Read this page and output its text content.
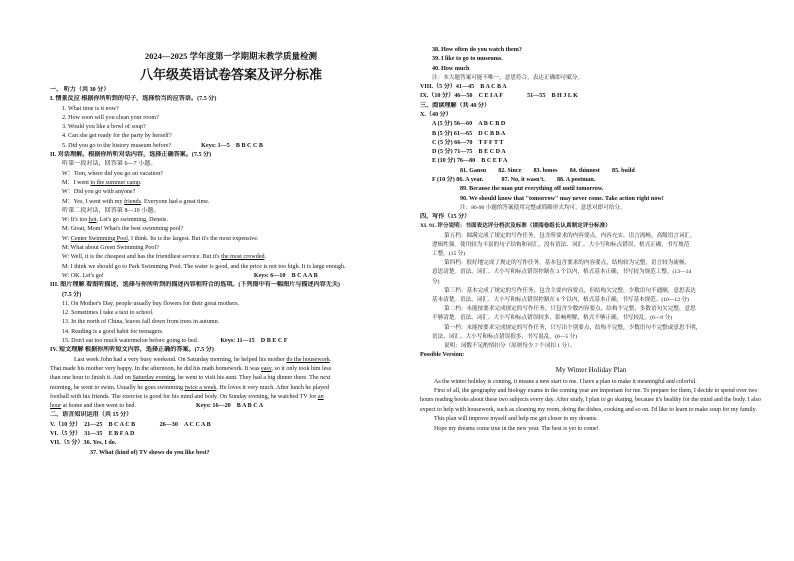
2024—2025 学年度第一学期期末教学质量检测
八年级英语试卷答案及评分标准
一、 听力（共 30 分）
I. 情景反应 根据你所听到的句子，选择恰当的应答语。(7.5 分)
1. What time is it now?
2. How soon will you clean your room?
3. Would you like a bowl of soup?
4. Can she get ready for the party by herself?
5. Did you go to the history museum before?	Keys: 1—5　B B C C B
II. 对话理解。根据你所听对话内容，选择正确答案。(7.5 分)
听第一段对话，回答第 6—7 小题。
W：Tom, where did you go on vacation?
M：I went to the summer camp.
W：Did you go with anyone?
M：Yes, I went with my friends. Everyone had a great time.
听第二段对话，回答第 8—10 小题。
W: It's too hot. Let's go swimming, Dennis.
M: Great, Mom! What's the best swimming pool?
W: Center Swimming Pool, I think. Its is the largest. But it's the most expensive.
M: What about Green Swimming Pool?
W: Well, it is the cheapest and has the friendliest service. But it's the most crowded.
M: I think we should go to Park Swimming Pool. The water is good, and the price is not too high. It is large enough.
W: OK. Let's go!	Keys: 6—10　B C A A B
III. 图片理解 看图听描述，选择与你所听到的描述内容相符合的选项。(下列图中有一幅图片与描述内容无关)
(7.5 分)
11. On Mother's Day, people usually buy flowers for their great mothers.
12. Sometimes I take a taxi to school.
13. In the north of China, leaves fall down from trees in autumn.
14. Reading is a good habit for teenagers.
15. Don't eat too much watermelon before going to bed.	Keys: 11—15　D B E C F
IV. 短文理解 根据你所听短文内容，选择正确的答案。(7.5 分)
Last week John had a very busy weekend. On Saturday morning, he helped his mother do the housework.
That made his mother very happy. In the afternoon, he did his math homework. It was easy, so it only took him less
than one hour to finish it. And on Saturday evening, he went to visit his aunt. They had a big dinner there. The next
morning, he went to swim. Usually he goes swimming twice a week. He loves it very much. After lunch he played
football with his friends. The exercise is good for his mind and body. On Sunday evening, he watched TV for an
hour at home and then went to bed.	Keys: 16—20　B A B C A
二、语言知识运用（共 15 分）
V.（10 分）　21—25　B C A C B　　　　26—30　A C C A B
VI.（5 分）　31—35　E B F A D
VII.（5 分）36. Yes, I do.
37. What (kind of) TV shows do you like best?
38. How often do you watch them?
39. I like to go to museums.
40. How much
注：本大题答案可能不唯一，意思符合，表达正确即可赋分。
VIII.（5 分）41—45　B A C B A
IX.（10 分）46—50　C E I A F　　　　51—55　B H J L K
三、阅读理解（共 40 分）
X.（40 分）
A (5 分) 56—60　A B C B D
B (5 分) 61—65　D C B B A
C (5 分) 66—70　T F F T T
D (5 分) 71—75　B E C D A
E (10 分) 76—80　B C E F A
81. Gansu　　82. Since　　83. bones　　84. thinnest　　85. build
F (10 分) 86. A year.　　　87. No, it wasn't.　　88. A postman.
89. Because the man put everything off until tomorrow.
90. We should know that "tomorrow" may never come. Take action right now!
注：86-90 小题的答案使用完整或简略形式均可，意思对即可给分。
四、写作（15 分）
XI. 91. 评分说明：书面表达评分档次及标准（请阅卷组长认真制定评分标准）
第五档：圆满完成了规定的写作任务，包含所要求的内容要点，内容充实，语言流畅，高级语言词汇，
逻辑性强。使用较为丰富的句子结构和词汇，没有语法、词汇、大小写和标点错误，格式正确，书写规范
工整。(15 分)
第四档：很好地完成了规定的写作任务，基本包含要求的内容要点，结构较为完整，语言较为流畅，
意思清楚。语法、词汇、大小写和标点错误控制在 3 个以内，格式基本正确，书写较为规范工整。(13—14
分)
第三档：基本完成了规定的写作任务，包含主要内容要点，但结构欠完整，少数语句不通顺，意思表达
基本清楚。语法、词汇、大小写和标点错误控制在 6 个以内，格式基本正确，书写基本规范。(10—12 分)
第二档：未能按要求完成规定的写作任务，只包含少数内容要点，结构不完整，多数语句欠完整，意思
不够清楚。语法、词汇、大小写和标点错误较多，影响理解，格式不够正确，书写较乱。(6—9 分)
第一档：未能按要求完成规定的写作任务，只写出个别要点，结构不完整，少数语句不完整或意思不明，
语法、词汇、大小写和标点错误很多，书写混乱。(0—5 分)
说明：词数不足酌情扣分（原则每少 7 个词扣 1 分）。
Possible Version:
My Winter Holiday Plan
As the winter holiday is coming, it means a new start to me. I have a plan to make it meaningful and colorful.
First of all, the geography and biology exams in the coming year are important for me. To prepare for them, I decide to spend over two hours reading books about these two subjects every day. After study, I plan to go skating, because it's healthy for the mind and the body. I also expect to help with housework, such as cleaning my room, doing the dishes, cooking and so on. I'd like to learn to make soup for my family.
This plan will improve myself and help me get closer to my dreams.
Hope my dreams come true in the new year. The best is yet to come!
